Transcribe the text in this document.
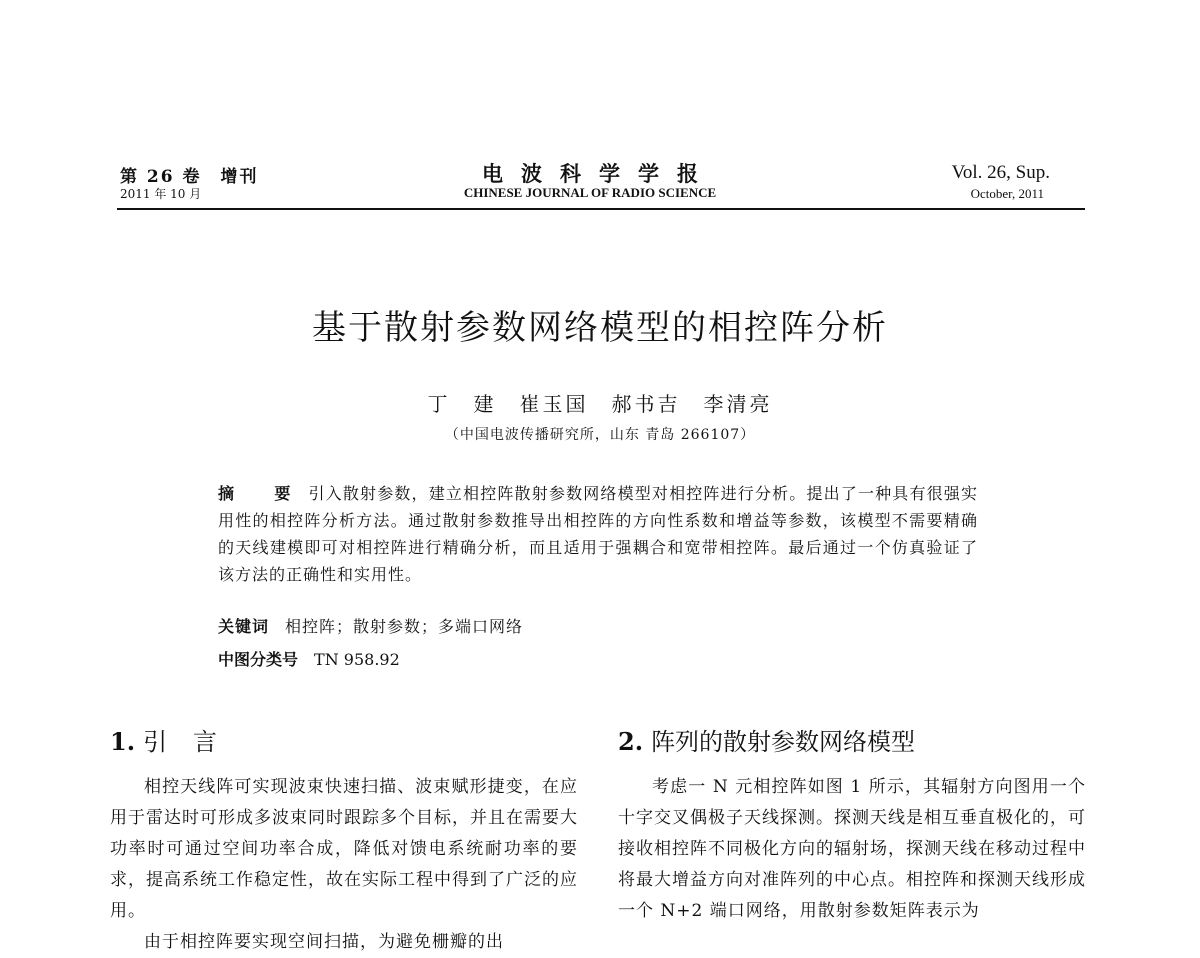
第 26 卷　增刊
2011 年 10 月
电波科学学报
CHINESE JOURNAL OF RADIO SCIENCE
Vol. 26, Sup.
October, 2011
基于散射参数网络模型的相控阵分析
丁　建　崔玉国　郝书吉　李清亮
（中国电波传播研究所，山东 青岛 266107）
摘　要 引入散射参数，建立相控阵散射参数网络模型对相控阵进行分析。提出了一种具有很强实用性的相控阵分析方法。通过散射参数推导出相控阵的方向性系数和增益等参数，该模型不需要精确的天线建模即可对相控阵进行精确分析，而且适用于强耦合和宽带相控阵。最后通过一个仿真验证了该方法的正确性和实用性。
关键词 相控阵；散射参数；多端口网络
中图分类号 TN 958.92
1. 引言

相控天线阵可实现波束快速扫描、波束赋形捷变，在应用于雷达时可形成多波束同时跟踪多个目标，并且在需要大功率时可通过空间功率合成，降低对馈电系统耐功率的要求，提高系统工作稳定性，故在实际工程中得到了广泛的应用。

由于相控阵要实现空间扫描，为避免栅瓣的出

2. 阵列的散射参数网络模型

考虑一 N 元相控阵如图 1 所示，其辐射方向图用一个十字交叉偶极子天线探测。探测天线是相互垂直极化的，可接收相控阵不同极化方向的辐射场，探测天线在移动过程中将最大增益方向对准阵列的中心点。相控阵和探测天线形成一个 N+2 端口网络，用散射参数矩阵表示为
